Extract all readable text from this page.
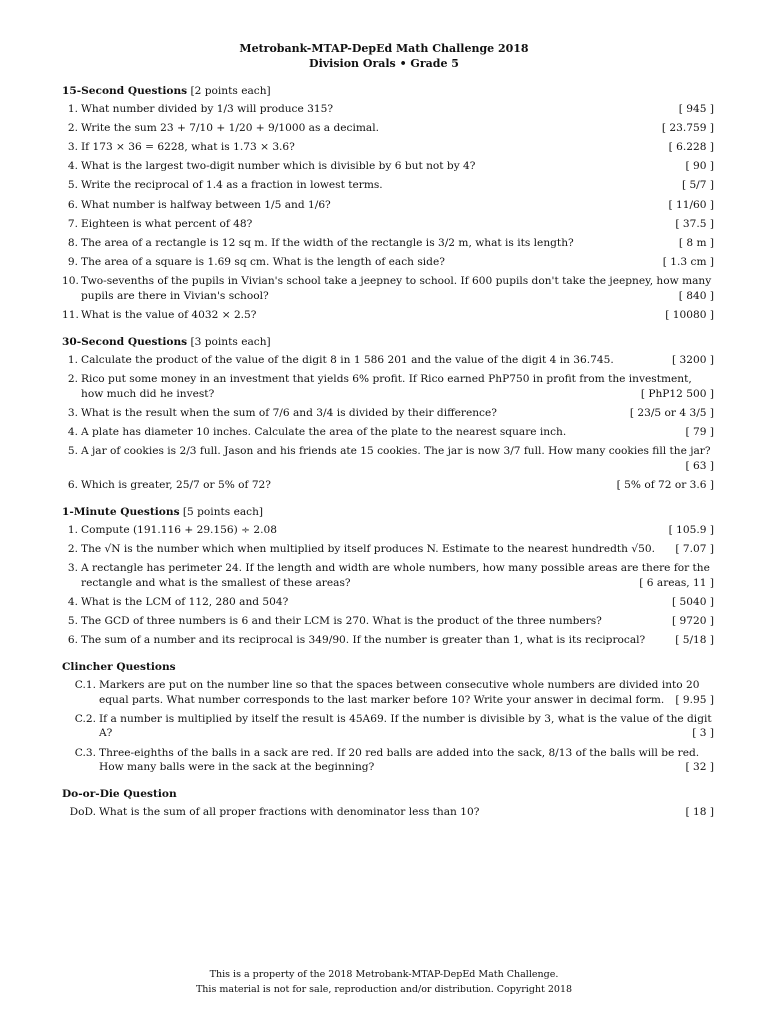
Metrobank-MTAP-DepEd Math Challenge 2018
Division Orals • Grade 5
15-Second Questions [2 points each]
1. What number divided by 1/3 will produce 315?	[ 945 ]
2. Write the sum 23 + 7/10 + 1/20 + 9/1000 as a decimal.	[ 23.759 ]
3. If 173 × 36 = 6228, what is 1.73 × 3.6?	[ 6.228 ]
4. What is the largest two-digit number which is divisible by 6 but not by 4?	[ 90 ]
5. Write the reciprocal of 1.4 as a fraction in lowest terms.	[ 5/7 ]
6. What number is halfway between 1/5 and 1/6?	[ 11/60 ]
7. Eighteen is what percent of 48?	[ 37.5 ]
8. The area of a rectangle is 12 sq m. If the width of the rectangle is 3/2 m, what is its length?	[ 8 m ]
9. The area of a square is 1.69 sq cm. What is the length of each side?	[ 1.3 cm ]
10. Two-sevenths of the pupils in Vivian's school take a jeepney to school. If 600 pupils don't take the jeepney, how many pupils are there in Vivian's school?	[ 840 ]
11. What is the value of 4032 × 2.5?	[ 10080 ]
30-Second Questions [3 points each]
1. Calculate the product of the value of the digit 8 in 1 586 201 and the value of the digit 4 in 36.745.	[ 3200 ]
2. Rico put some money in an investment that yields 6% profit. If Rico earned PhP750 in profit from the investment, how much did he invest?	[ PhP12 500 ]
3. What is the result when the sum of 7/6 and 3/4 is divided by their difference?	[ 23/5 or 4 3/5 ]
4. A plate has diameter 10 inches. Calculate the area of the plate to the nearest square inch.	[ 79 ]
5. A jar of cookies is 2/3 full. Jason and his friends ate 15 cookies. The jar is now 3/7 full. How many cookies fill the jar?
[ 63 ]
6. Which is greater, 25/7 or 5% of 72?	[ 5% of 72 or 3.6 ]
1-Minute Questions [5 points each]
1. Compute (191.116 + 29.156) ÷ 2.08	[ 105.9 ]
2. The √N is the number which when multiplied by itself produces N. Estimate to the nearest hundredth √50. [ 7.07 ]
3. A rectangle has perimeter 24. If the length and width are whole numbers, how many possible areas are there for the rectangle and what is the smallest of these areas?	[ 6 areas, 11 ]
4. What is the LCM of 112, 280 and 504?	[ 5040 ]
5. The GCD of three numbers is 6 and their LCM is 270. What is the product of the three numbers?	[ 9720 ]
6. The sum of a number and its reciprocal is 349/90. If the number is greater than 1, what is its reciprocal?	[ 5/18 ]
Clincher Questions
C.1. Markers are put on the number line so that the spaces between consecutive whole numbers are divided into 20 equal parts. What number corresponds to the last marker before 10? Write your answer in decimal form. [ 9.95 ]
C.2. If a number is multiplied by itself the result is 45A69. If the number is divisible by 3, what is the value of the digit A?	[ 3 ]
C.3. Three-eighths of the balls in a sack are red. If 20 red balls are added into the sack, 8/13 of the balls will be red. How many balls were in the sack at the beginning?	[ 32 ]
Do-or-Die Question
DoD. What is the sum of all proper fractions with denominator less than 10?	[ 18 ]
This is a property of the 2018 Metrobank-MTAP-DepEd Math Challenge.
This material is not for sale, reproduction and/or distribution. Copyright 2018
